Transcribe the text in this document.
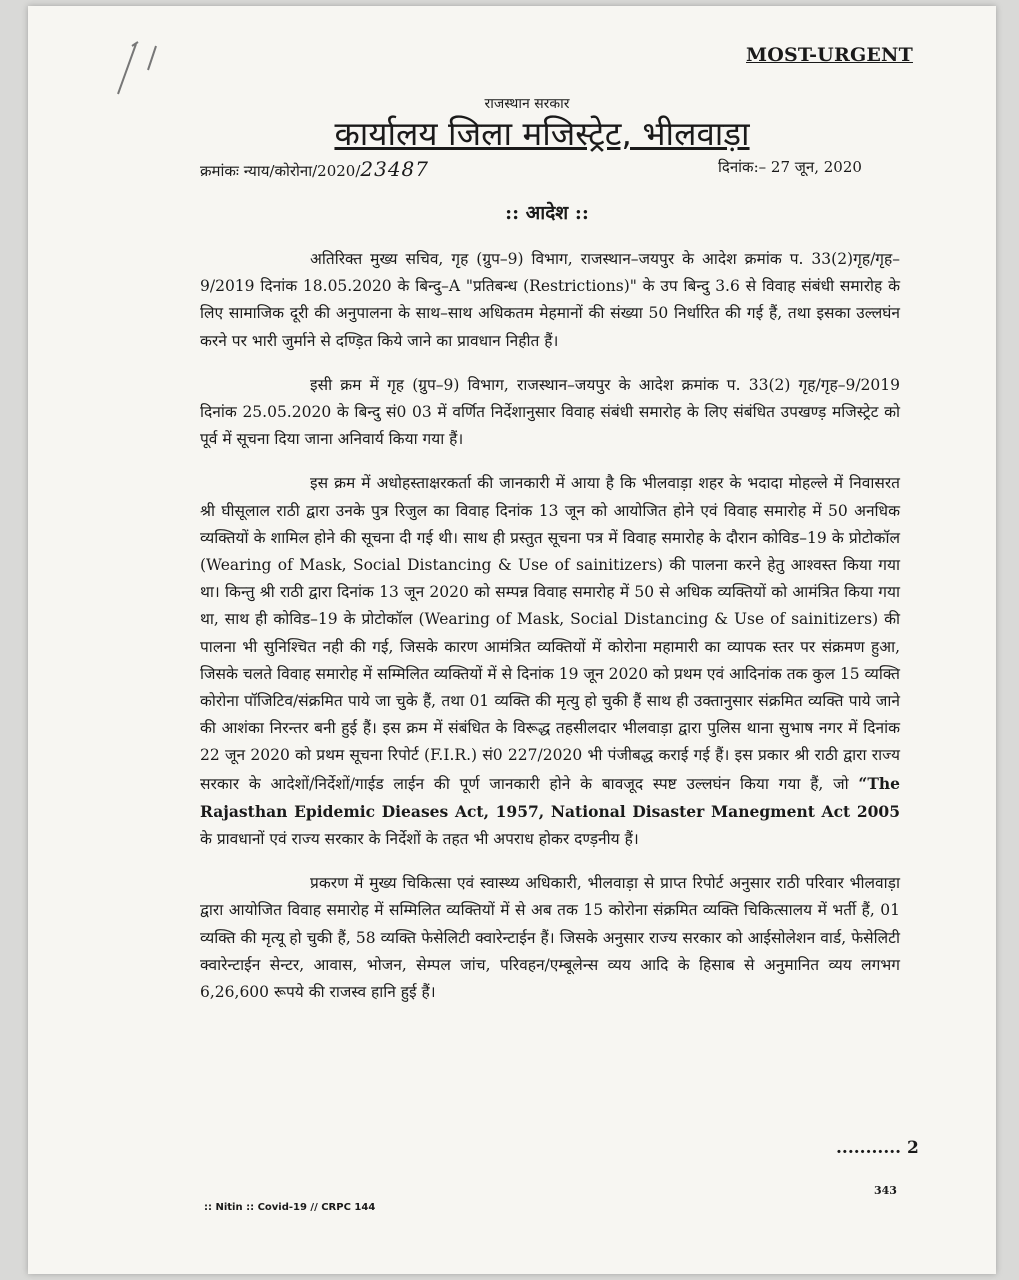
MOST-URGENT
राजस्थान सरकार
कार्यालय जिला मजिस्ट्रेट, भीलवाड़ा
क्रमांकः न्याय/कोरोना/2020/23487	दिनांक:– 27 जून, 2020
:: आदेश ::

अतिरिक्त मुख्य सचिव, गृह (ग्रुप–9) विभाग, राजस्थान–जयपुर के आदेश क्रमांक प. 33(2)गृह/गृह–9/2019 दिनांक 18.05.2020 के बिन्दु–A "प्रतिबन्ध (Restrictions)" के उप बिन्दु 3.6 से विवाह संबंधी समारोह के लिए सामाजिक दूरी की अनुपालना के साथ–साथ अधिकतम मेहमानों की संख्या 50 निर्धारित की गई हैं, तथा इसका उल्लघंन करने पर भारी जुर्माने से दण्ड़ित किये जाने का प्रावधान निहीत हैं।

इसी क्रम में गृह (ग्रुप–9) विभाग, राजस्थान–जयपुर के आदेश क्रमांक प. 33(2) गृह/गृह–9/2019 दिनांक 25.05.2020 के बिन्दु सं0 03 में वर्णित निर्देशानुसार विवाह संबंधी समारोह के लिए संबंधित उपखण्ड़ मजिस्ट्रेट को पूर्व में सूचना दिया जाना अनिवार्य किया गया हैं।

इस क्रम में अधोहस्ताक्षरकर्ता की जानकारी में आया है कि भीलवाड़ा शहर के भदादा मोहल्ले में निवासरत श्री घीसूलाल राठी द्वारा उनके पुत्र रिजुल का विवाह दिनांक 13 जून को आयोजित होने एवं विवाह समारोह में 50 अनधिक व्यक्तियों के शामिल होने की सूचना दी गई थी। साथ ही प्रस्तुत सूचना पत्र में विवाह समारोह के दौरान कोविड–19 के प्रोटोकॉल (Wearing of Mask, Social Distancing & Use of sainitizers) की पालना करने हेतु आश्वस्त किया गया था। किन्तु श्री राठी द्वारा दिनांक 13 जून 2020 को सम्पन्न विवाह समारोह में 50 से अधिक व्यक्तियों को आमंत्रित किया गया था, साथ ही कोविड–19 के प्रोटोकॉल (Wearing of Mask, Social Distancing & Use of sainitizers) की पालना भी सुनिश्चित नही की गई, जिसके कारण आमंत्रित व्यक्तियों में कोरोना महामारी का व्यापक स्तर पर संक्रमण हुआ, जिसके चलते विवाह समारोह में सम्मिलित व्यक्तियों में से दिनांक 19 जून 2020 को प्रथम एवं आदिनांक तक कुल 15 व्यक्ति कोरोना पॉजिटिव/संक्रमित पाये जा चुके हैं, तथा 01 व्यक्ति की मृत्यु हो चुकी हैं साथ ही उक्तानुसार संक्रमित व्यक्ति पाये जाने की आशंका निरन्तर बनी हुई हैं। इस क्रम में संबंधित के विरूद्ध तहसीलदार भीलवाड़ा द्वारा पुलिस थाना सुभाष नगर में दिनांक 22 जून 2020 को प्रथम सूचना रिपोर्ट (F.I.R.) सं0 227/2020 भी पंजीबद्ध कराई गई हैं। इस प्रकार श्री राठी द्वारा राज्य सरकार के आदेशों/निर्देशों/गाईड लाईन की पूर्ण जानकारी होने के बावजूद स्पष्ट उल्लघंन किया गया हैं, जो “The Rajasthan Epidemic Dieases Act, 1957, National Disaster Manegment Act 2005 के प्रावधानों एवं राज्य सरकार के निर्देशों के तहत भी अपराध होकर दण्ड़नीय हैं।

प्रकरण में मुख्य चिकित्सा एवं स्वास्थ्य अधिकारी, भीलवाड़ा से प्राप्त रिपोर्ट अनुसार राठी परिवार भीलवाड़ा द्वारा आयोजित विवाह समारोह में सम्मिलित व्यक्तियों में से अब तक 15 कोरोना संक्रमित व्यक्ति चिकित्सालय में भर्ती हैं, 01 व्यक्ति की मृत्यू हो चुकी हैं, 58 व्यक्ति फेसेलिटी क्वारेन्टाईन हैं। जिसके अनुसार राज्य सरकार को आईसोलेशन वार्ड, फेसेलिटी क्वारेन्टाईन सेन्टर, आवास, भोजन, सेम्पल जांच, परिवहन/एम्बूलेन्स व्यय आदि के हिसाब से अनुमानित व्यय लगभग 6,26,600 रूपये की राजस्व हानि हुई हैं।

........... 2
343
:: Nitin :: Covid-19 // CRPC 144
